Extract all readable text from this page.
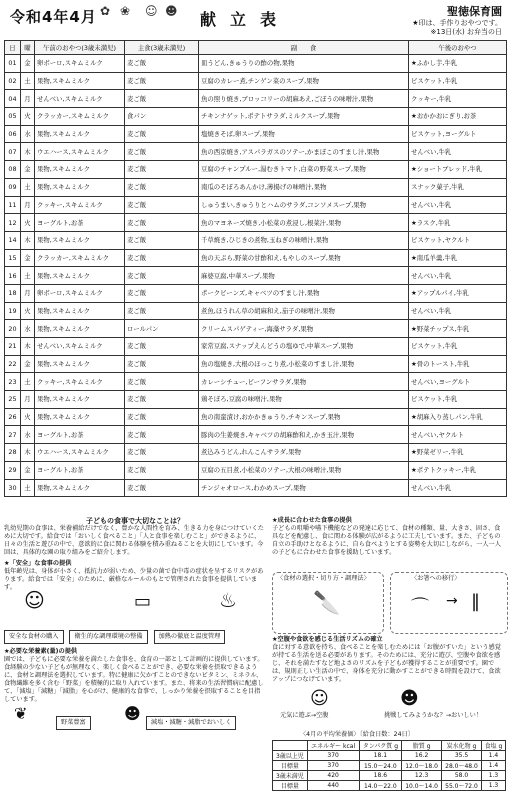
令和4年4月 ✿ ❀ ☺ ☻ 献立表	聖徳保育園
★印は、手作りおやつです。
※13日(水) お弁当の日
日	曜	午前のおやつ(3歳未満児)	主食(3歳未満児)	副　　食	午後のおやつ
01	金	卵ボーロ,スキムミルク	麦ご飯	皿うどん,きゅうりの酢の物,果物	★ふかし芋,牛乳
02	土	果物,スキムミルク	麦ご飯	豆腐のカレー煮,チンゲン菜のスープ,果物	ビスケット,牛乳
04	月	せんべい,スキムミルク	麦ご飯	魚の照り焼き,ブロッコリーの胡麻あえ,ごぼうの味噌汁,果物	クッキー,牛乳
05	火	クラッカー,スキムミルク	食パン	チキンナゲット,ポテトサラダ,ミルクスープ,果物	★おかかおにぎり,お茶
06	水	果物,スキムミルク	麦ご飯	塩焼きそば,卵スープ,果物	ビスケット,ヨーグルト
07	木	ウエハース,スキムミルク	麦ご飯	魚の西京焼き,アスパラガスのソテー,かまぼこのすまし汁,果物	せんべい,牛乳
08	金	果物,スキムミルク	麦ご飯	豆腐のチャンプルー,湯むきトマト,白菜の野菜スープ,果物	★ショートブレッド,牛乳
09	土	果物,スキムミルク	麦ご飯	南瓜のそぼろあんかけ,薄揚げの味噌汁,果物	スナック菓子,牛乳
11	月	クッキー,スキムミルク	麦ご飯	しゅうまい,きゅうりとハムのサラダ,コンソメスープ,果物	せんべい,牛乳
12	火	ヨーグルト,お茶	麦ご飯	魚のマヨネーズ焼き,小松菜の煮浸し,根菜汁,果物	★ラスク,牛乳
14	木	果物,スキムミルク	麦ご飯	千草焼き,ひじきの煮物,玉ねぎの味噌汁,果物	ビスケット,ヤクルト
15	金	クラッカー,スキムミルク	麦ご飯	魚の天ぷら,野菜の甘酢和え,もやしのスープ,果物	★南瓜羊羹,牛乳
16	土	果物,スキムミルク	麦ご飯	麻婆豆腐,中華スープ,果物	せんべい,牛乳
18	月	卵ボーロ,スキムミルク	麦ご飯	ポークビーンズ,キャベツのすまし汁,果物	★アップルパイ,牛乳
19	火	果物,スキムミルク	麦ご飯	煮魚,ほうれん草の胡麻和え,茄子の味噌汁,果物	せんべい,牛乳
20	水	果物,スキムミルク	ロールパン	クリームスパゲティー,海藻サラダ,果物	★野菜チップス,牛乳
21	木	せんべい,スキムミルク	麦ご飯	家常豆腐,スナップえんどうの塩ゆで,中華スープ,果物	ビスケット,牛乳
22	金	果物,スキムミルク	麦ご飯	魚の塩焼き,大根のほっこり煮,小松菜のすまし汁,果物	★骨のトースト,牛乳
23	土	クッキー,スキムミルク	麦ご飯	カレーシチュー,ビーフンサラダ,果物	せんべい,ヨーグルト
25	月	果物,スキムミルク	麦ご飯	鶏そぼろ,豆腐の味噌汁,果物	ビスケット,牛乳
26	火	果物,スキムミルク	麦ご飯	魚の南蛮漬け,おかかきゅうり,チキンスープ,果物	★胡麻入り蒸しパン,牛乳
27	水	ヨーグルト,お茶	麦ご飯	豚肉の生姜焼き,キャベツの胡麻酢和え,かき玉汁,果物	せんべい,ヤクルト
28	木	ウエハース,スキムミルク	麦ご飯	煮込みうどん,れんこんサラダ,果物	★野菜ゼリー,牛乳
29	金	ヨーグルト,お茶	麦ご飯	豆腐の五目煮,小松菜のソテー,大根の味噌汁,果物	★ポテトクッキー,牛乳
30	土	果物,スキムミルク	麦ご飯	チンジャオロース,わかめスープ,果物	せんべい,牛乳
子どもの食事で大切なことは？
乳幼児期の食事は、栄養補給だけでなく、豊かな人間性を育み、生きる力を身につけていくために大切です。給食では「おいしく食べること」「人と食事を楽しむこと」ができるように、日々の生活と遊びの中で、意欲的に食に関わる体験を積み重ねることを大切にしています。今回は、具体的な園の取り組みをご紹介します。
★「安全」な食事の提供
低年齢児は、身体が小さく、抵抗力が弱いため、少量の菌で食中毒の症状を呈するリスクがあります。給食では「安全」のために、厳格なルールのもとで管理された食事を提供しています。
☺	▭	♨
安全な食材の購入	衛生的な調理環境の整備	加熱の徹底と温度管理
★必要な栄養素(量)の提供
園では、子どもに必要な栄養を満たした食事を、食育の一部として計画的に提供しています。食経験の少ない子どもが無理なく、楽しく食べることができ、必要な栄養を摂取できるように、食材と調理法を選択しています。特に健康に欠かすことのできないビタミン、ミネラル、食物繊維を多く含む「野菜」を積極的に取り入れています。また、将来の生活習慣病に配慮して、「減塩」「減糖」「減脂」を心がけ、健康的な食事で、しっかり栄養を摂取することを目指しています。
❦	野菜豊富	☻	減塩・減糖・減脂でおいしく
★成長に合わせた食事の提供
子どもの咀嚼や嚥下機能などの発達に応じて、食材の種類、量、大きさ、固さ、食具などを配慮し、食に関わる体験が広がるように工夫しています。また、子どもの自立の手助けとなるように、自ら食べようとする姿勢を大切にしながら、一人一人の子どもに合わせた食事を援助しています。
〈食材の選択・切り方・調理法〉
🔪
〈お箸への移行〉
⌒ → ‖
★空腹や食欲を感じる生活リズムの確立
食に対する意欲を持ち、食べることを楽しむためには「お腹がすいた」という感覚が持てる生活を送る必要があります。そのためには、充分に遊び、空腹や食欲を感じ、それを満たすなど地よさのリズムを子どもが獲得することが重要です。園では、規則正しい生活の中で、身体を充分に動かすことができる時間を設けて、食欲アップにつなげています。
☺	☻
元気に遊ぶ→空腹	挑戦してみようかな？→おいしい！
〈4月の平均栄養価〉〔給食日数：24日〕
	エネルギー kcal	タンパク質 g	脂質 g	炭水化物 g	食塩 g
3歳以上児	370	18.1	16.2	35.5	1.4
目標量	370	15.0～24.0	12.0～18.0	28.0～48.0	1.4
3歳未満児	420	18.6	12.3	58.0	1.3
目標量	440	14.0～22.0	10.0～14.0	55.0～72.0	1.3
